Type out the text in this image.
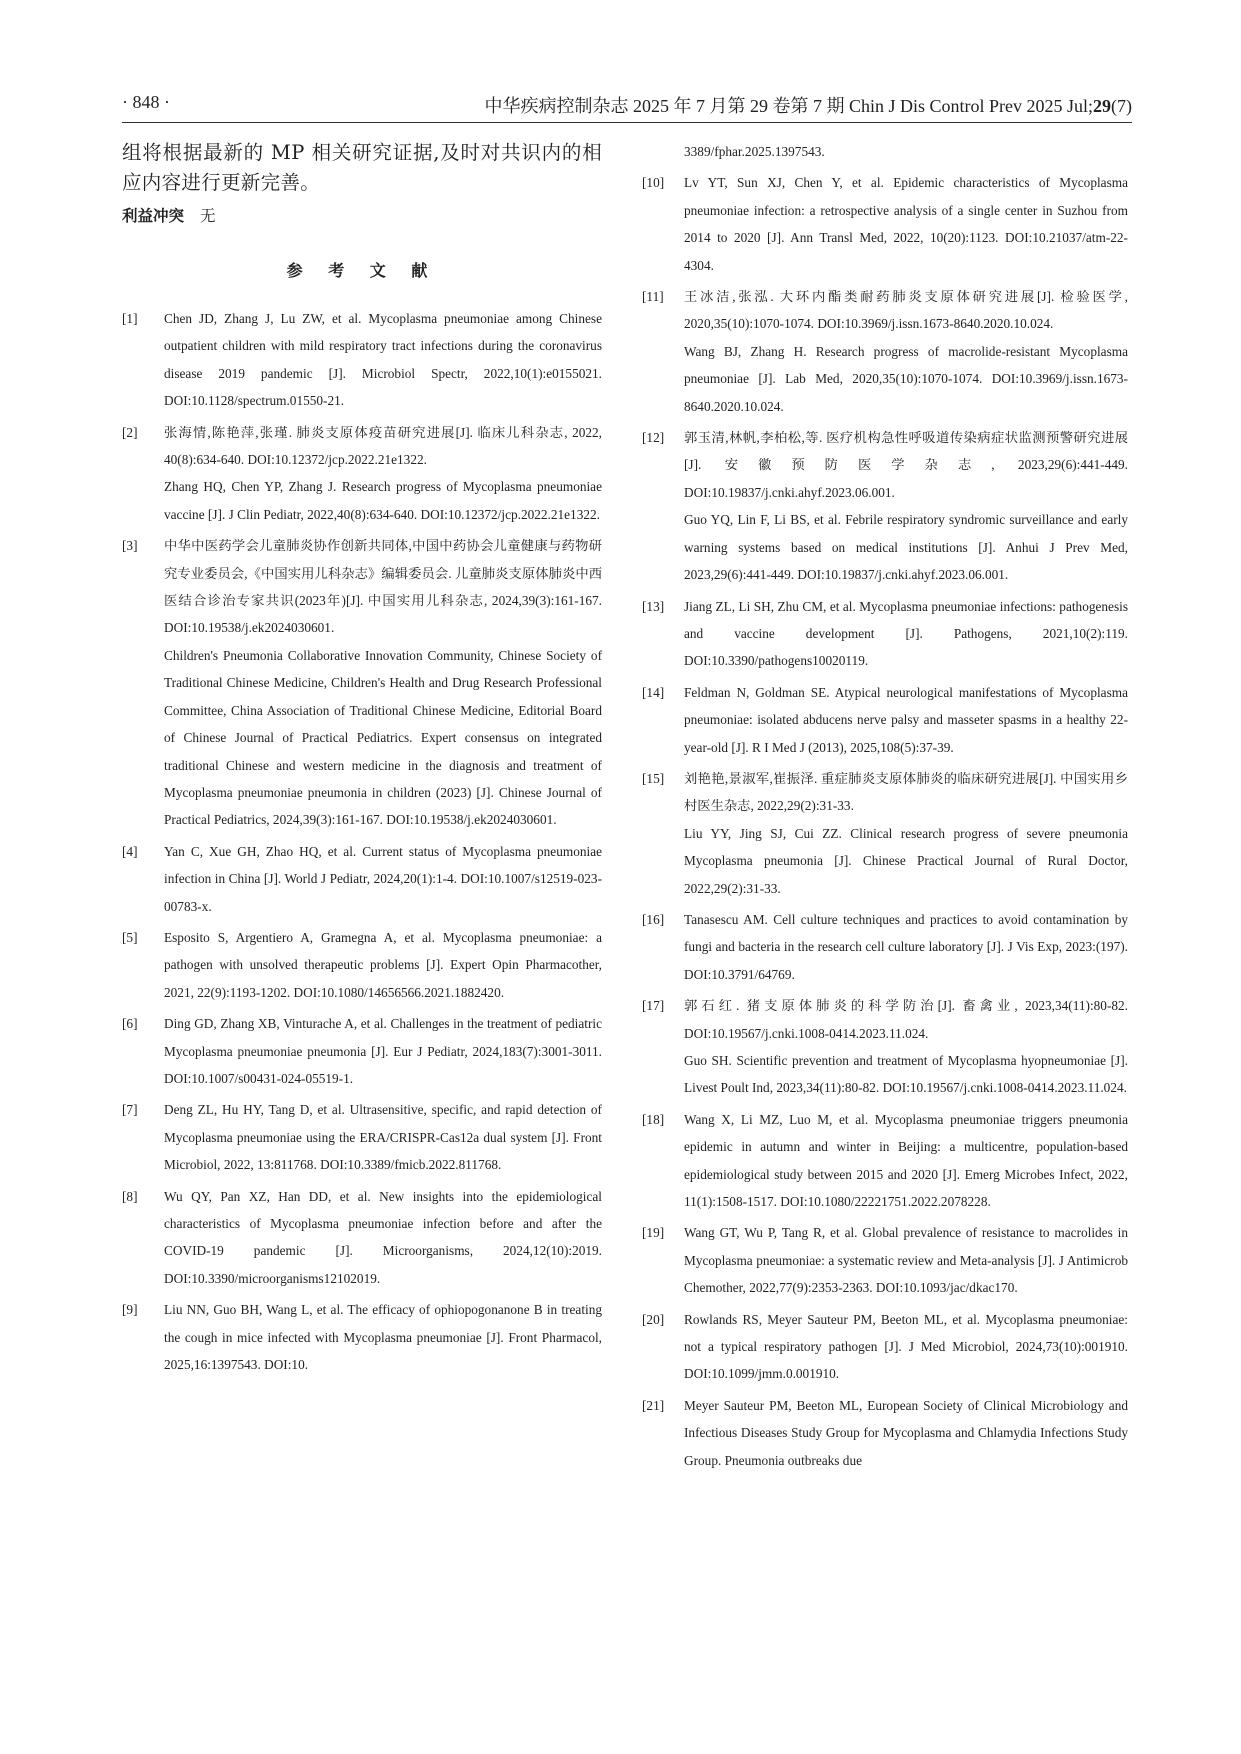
· 848 ·	中华疾病控制杂志 2025 年 7 月第 29 卷第 7 期 Chin J Dis Control Prev 2025 Jul;29(7)
组将根据最新的 MP 相关研究证据,及时对共识内的相应内容进行更新完善。
利益冲突 无
参 考 文 献
[1]	Chen JD, Zhang J, Lu ZW, et al. Mycoplasma pneumoniae among Chinese outpatient children with mild respiratory tract infections during the coronavirus disease 2019 pandemic [J]. Microbiol Spectr, 2022,10(1):e0155021. DOI:10.1128/spectrum.01550-21.
[2]	张海情,陈艳萍,张瑾. 肺炎支原体疫苗研究进展[J]. 临床儿科杂志, 2022, 40(8):634-640. DOI:10.12372/jcp.2022.21e1322.
Zhang HQ, Chen YP, Zhang J. Research progress of Mycoplasma pneumoniae vaccine [J]. J Clin Pediatr, 2022,40(8):634-640. DOI:10.12372/jcp.2022.21e1322.
[3]	中华中医药学会儿童肺炎协作创新共同体,中国中药协会儿童健康与药物研究专业委员会,《中国实用儿科杂志》编辑委员会. 儿童肺炎支原体肺炎中西医结合诊治专家共识(2023年)[J]. 中国实用儿科杂志, 2024,39(3):161-167. DOI:10.19538/j.ek2024030601.
Children's Pneumonia Collaborative Innovation Community, Chinese Society of Traditional Chinese Medicine, Children's Health and Drug Research Professional Committee, China Association of Traditional Chinese Medicine, Editorial Board of Chinese Journal of Practical Pediatrics. Expert consensus on integrated traditional Chinese and western medicine in the diagnosis and treatment of Mycoplasma pneumoniae pneumonia in children (2023) [J]. Chinese Journal of Practical Pediatrics, 2024,39(3):161-167. DOI:10.19538/j.ek2024030601.
[4]	Yan C, Xue GH, Zhao HQ, et al. Current status of Mycoplasma pneumoniae infection in China [J]. World J Pediatr, 2024,20(1):1-4. DOI:10.1007/s12519-023-00783-x.
[5]	Esposito S, Argentiero A, Gramegna A, et al. Mycoplasma pneumoniae: a pathogen with unsolved therapeutic problems [J]. Expert Opin Pharmacother, 2021, 22(9):1193-1202. DOI:10.1080/14656566.2021.1882420.
[6]	Ding GD, Zhang XB, Vinturache A, et al. Challenges in the treatment of pediatric Mycoplasma pneumoniae pneumonia [J]. Eur J Pediatr, 2024,183(7):3001-3011. DOI:10.1007/s00431-024-05519-1.
[7]	Deng ZL, Hu HY, Tang D, et al. Ultrasensitive, specific, and rapid detection of Mycoplasma pneumoniae using the ERA/CRISPR-Cas12a dual system [J]. Front Microbiol, 2022, 13:811768. DOI:10.3389/fmicb.2022.811768.
[8]	Wu QY, Pan XZ, Han DD, et al. New insights into the epidemiological characteristics of Mycoplasma pneumoniae infection before and after the COVID-19 pandemic [J]. Microorganisms, 2024,12(10):2019. DOI:10.3390/microorganisms12102019.
[9]	Liu NN, Guo BH, Wang L, et al. The efficacy of ophiopogonanone B in treating the cough in mice infected with Mycoplasma pneumoniae [J]. Front Pharmacol, 2025,16:1397543. DOI:10.
3389/fphar.2025.1397543.
[10]	Lv YT, Sun XJ, Chen Y, et al. Epidemic characteristics of Mycoplasma pneumoniae infection: a retrospective analysis of a single center in Suzhou from 2014 to 2020 [J]. Ann Transl Med, 2022, 10(20):1123. DOI:10.21037/atm-22-4304.
[11]	王冰洁,张泓. 大环内酯类耐药肺炎支原体研究进展[J]. 检验医学, 2020,35(10):1070-1074. DOI:10.3969/j.issn.1673-8640.2020.10.024.
Wang BJ, Zhang H. Research progress of macrolide-resistant Mycoplasma pneumoniae [J]. Lab Med, 2020,35(10):1070-1074. DOI:10.3969/j.issn.1673-8640.2020.10.024.
[12]	郭玉清,林帆,李柏松,等. 医疗机构急性呼吸道传染病症状监测预警研究进展[J]. 安徽预防医学杂志, 2023,29(6):441-449. DOI:10.19837/j.cnki.ahyf.2023.06.001.
Guo YQ, Lin F, Li BS, et al. Febrile respiratory syndromic surveillance and early warning systems based on medical institutions [J]. Anhui J Prev Med, 2023,29(6):441-449. DOI:10.19837/j.cnki.ahyf.2023.06.001.
[13]	Jiang ZL, Li SH, Zhu CM, et al. Mycoplasma pneumoniae infections: pathogenesis and vaccine development [J]. Pathogens, 2021,10(2):119. DOI:10.3390/pathogens10020119.
[14]	Feldman N, Goldman SE. Atypical neurological manifestations of Mycoplasma pneumoniae: isolated abducens nerve palsy and masseter spasms in a healthy 22-year-old [J]. R I Med J (2013), 2025,108(5):37-39.
[15]	刘艳艳,景淑军,崔振泽. 重症肺炎支原体肺炎的临床研究进展[J]. 中国实用乡村医生杂志, 2022,29(2):31-33.
Liu YY, Jing SJ, Cui ZZ. Clinical research progress of severe pneumonia Mycoplasma pneumonia [J]. Chinese Practical Journal of Rural Doctor, 2022,29(2):31-33.
[16]	Tanasescu AM. Cell culture techniques and practices to avoid contamination by fungi and bacteria in the research cell culture laboratory [J]. J Vis Exp, 2023:(197). DOI:10.3791/64769.
[17]	郭石红. 猪支原体肺炎的科学防治[J]. 畜禽业, 2023,34(11):80-82. DOI:10.19567/j.cnki.1008-0414.2023.11.024.
Guo SH. Scientific prevention and treatment of Mycoplasma hyopneumoniae [J]. Livest Poult Ind, 2023,34(11):80-82. DOI:10.19567/j.cnki.1008-0414.2023.11.024.
[18]	Wang X, Li MZ, Luo M, et al. Mycoplasma pneumoniae triggers pneumonia epidemic in autumn and winter in Beijing: a multicentre, population-based epidemiological study between 2015 and 2020 [J]. Emerg Microbes Infect, 2022, 11(1):1508-1517. DOI:10.1080/22221751.2022.2078228.
[19]	Wang GT, Wu P, Tang R, et al. Global prevalence of resistance to macrolides in Mycoplasma pneumoniae: a systematic review and Meta-analysis [J]. J Antimicrob Chemother, 2022,77(9):2353-2363. DOI:10.1093/jac/dkac170.
[20]	Rowlands RS, Meyer Sauteur PM, Beeton ML, et al. Mycoplasma pneumoniae: not a typical respiratory pathogen [J]. J Med Microbiol, 2024,73(10):001910. DOI:10.1099/jmm.0.001910.
[21]	Meyer Sauteur PM, Beeton ML, European Society of Clinical Microbiology and Infectious Diseases Study Group for Mycoplasma and Chlamydia Infections Study Group. Pneumonia outbreaks due
